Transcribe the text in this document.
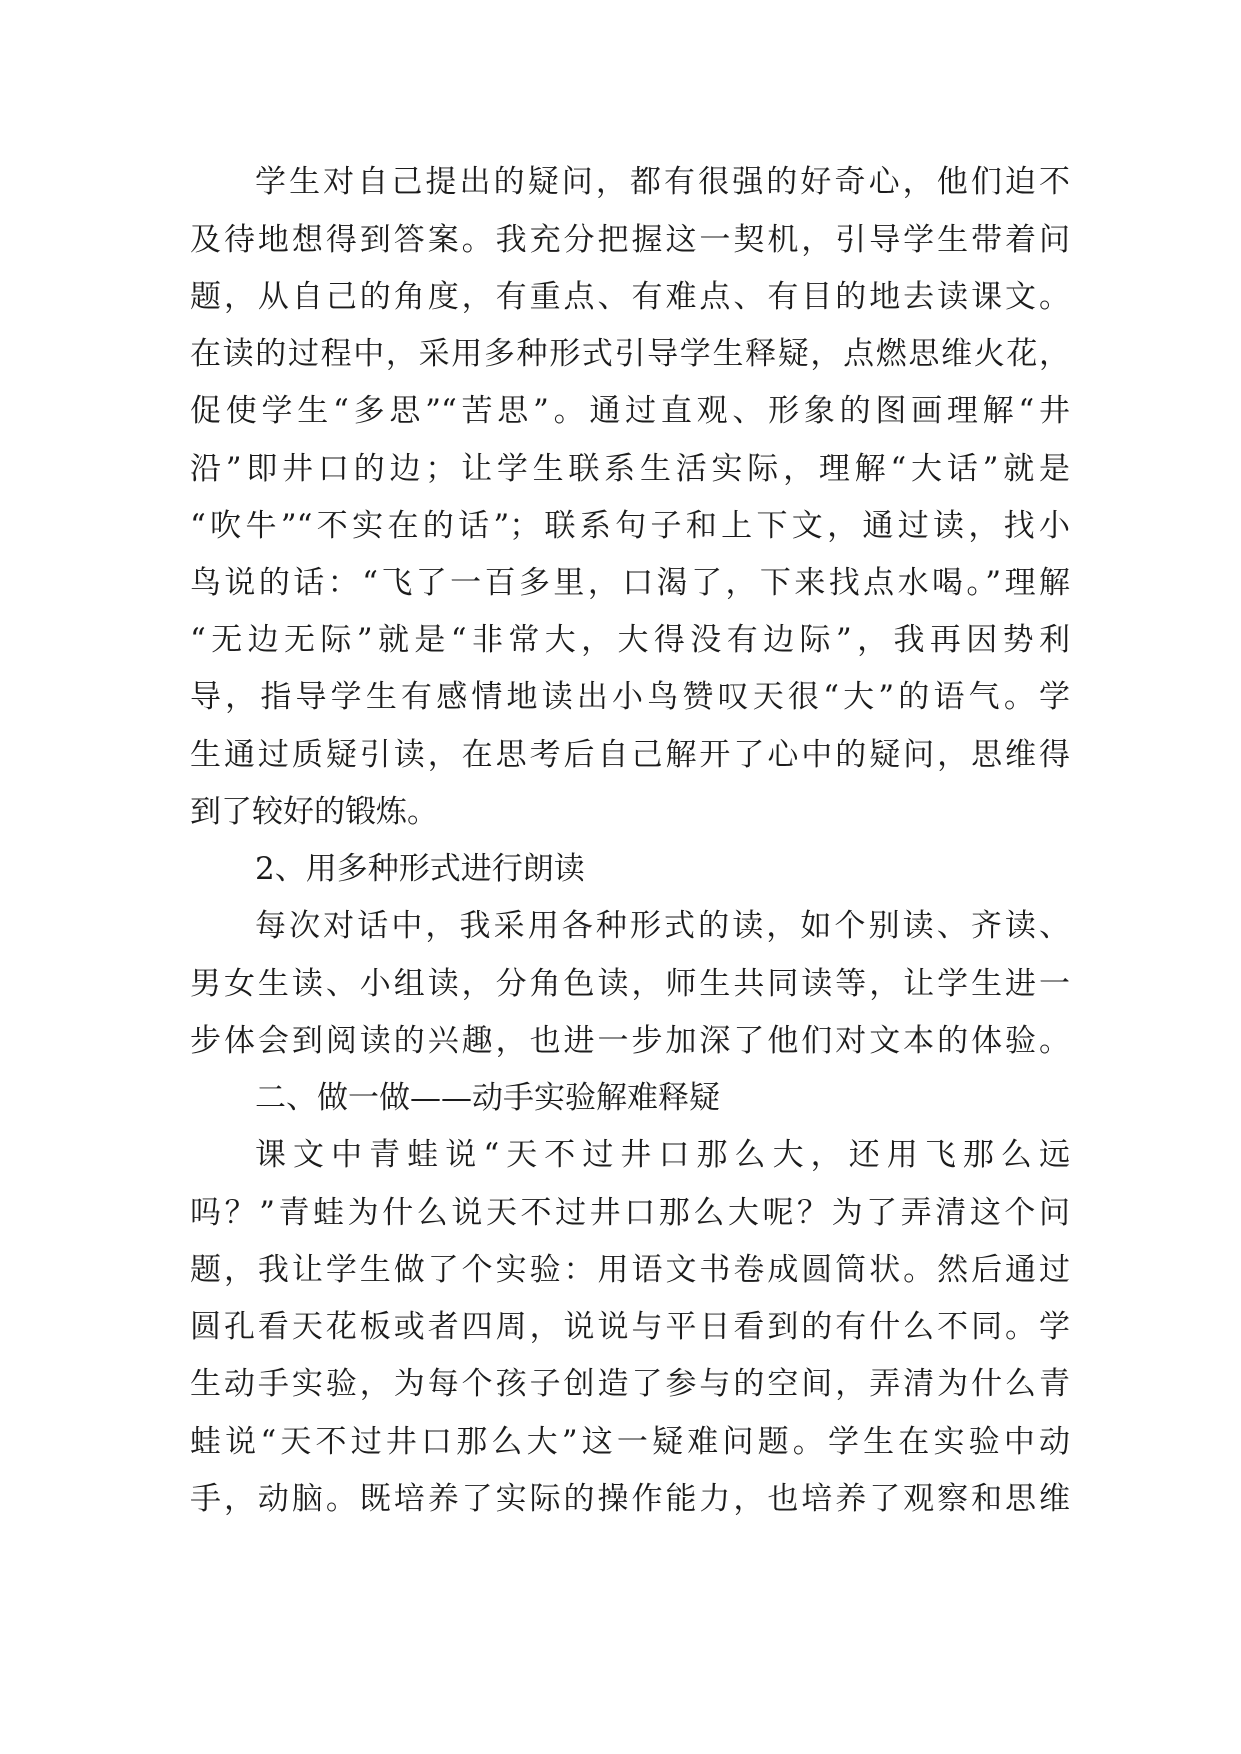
学生对自己提出的疑问，都有很强的好奇心，他们迫不

及待地想得到答案。我充分把握这一契机，引导学生带着问

题，从自己的角度，有重点、有难点、有目的地去读课文。

在读的过程中，采用多种形式引导学生释疑，点燃思维火花，

促使学生“多思”“苦思”。通过直观、形象的图画理解“井

沿”即井口的边；让学生联系生活实际，理解“大话”就是

“吹牛”“不实在的话”；联系句子和上下文，通过读，找小

鸟说的话：“飞了一百多里，口渴了，下来找点水喝。”理解

“无边无际”就是“非常大，大得没有边际”，我再因势利

导，指导学生有感情地读出小鸟赞叹天很“大”的语气。学

生通过质疑引读，在思考后自己解开了心中的疑问，思维得

到了较好的锻炼。

2、用多种形式进行朗读

每次对话中，我采用各种形式的读，如个别读、齐读、

男女生读、小组读，分角色读，师生共同读等，让学生进一

步体会到阅读的兴趣，也进一步加深了他们对文本的体验。

二、做一做——动手实验解难释疑

课文中青蛙说“天不过井口那么大，还用飞那么远

吗？”青蛙为什么说天不过井口那么大呢？为了弄清这个问

题，我让学生做了个实验：用语文书卷成圆筒状。然后通过

圆孔看天花板或者四周，说说与平日看到的有什么不同。学

生动手实验，为每个孩子创造了参与的空间，弄清为什么青

蛙说“天不过井口那么大”这一疑难问题。学生在实验中动

手，动脑。既培养了实际的操作能力，也培养了观察和思维
